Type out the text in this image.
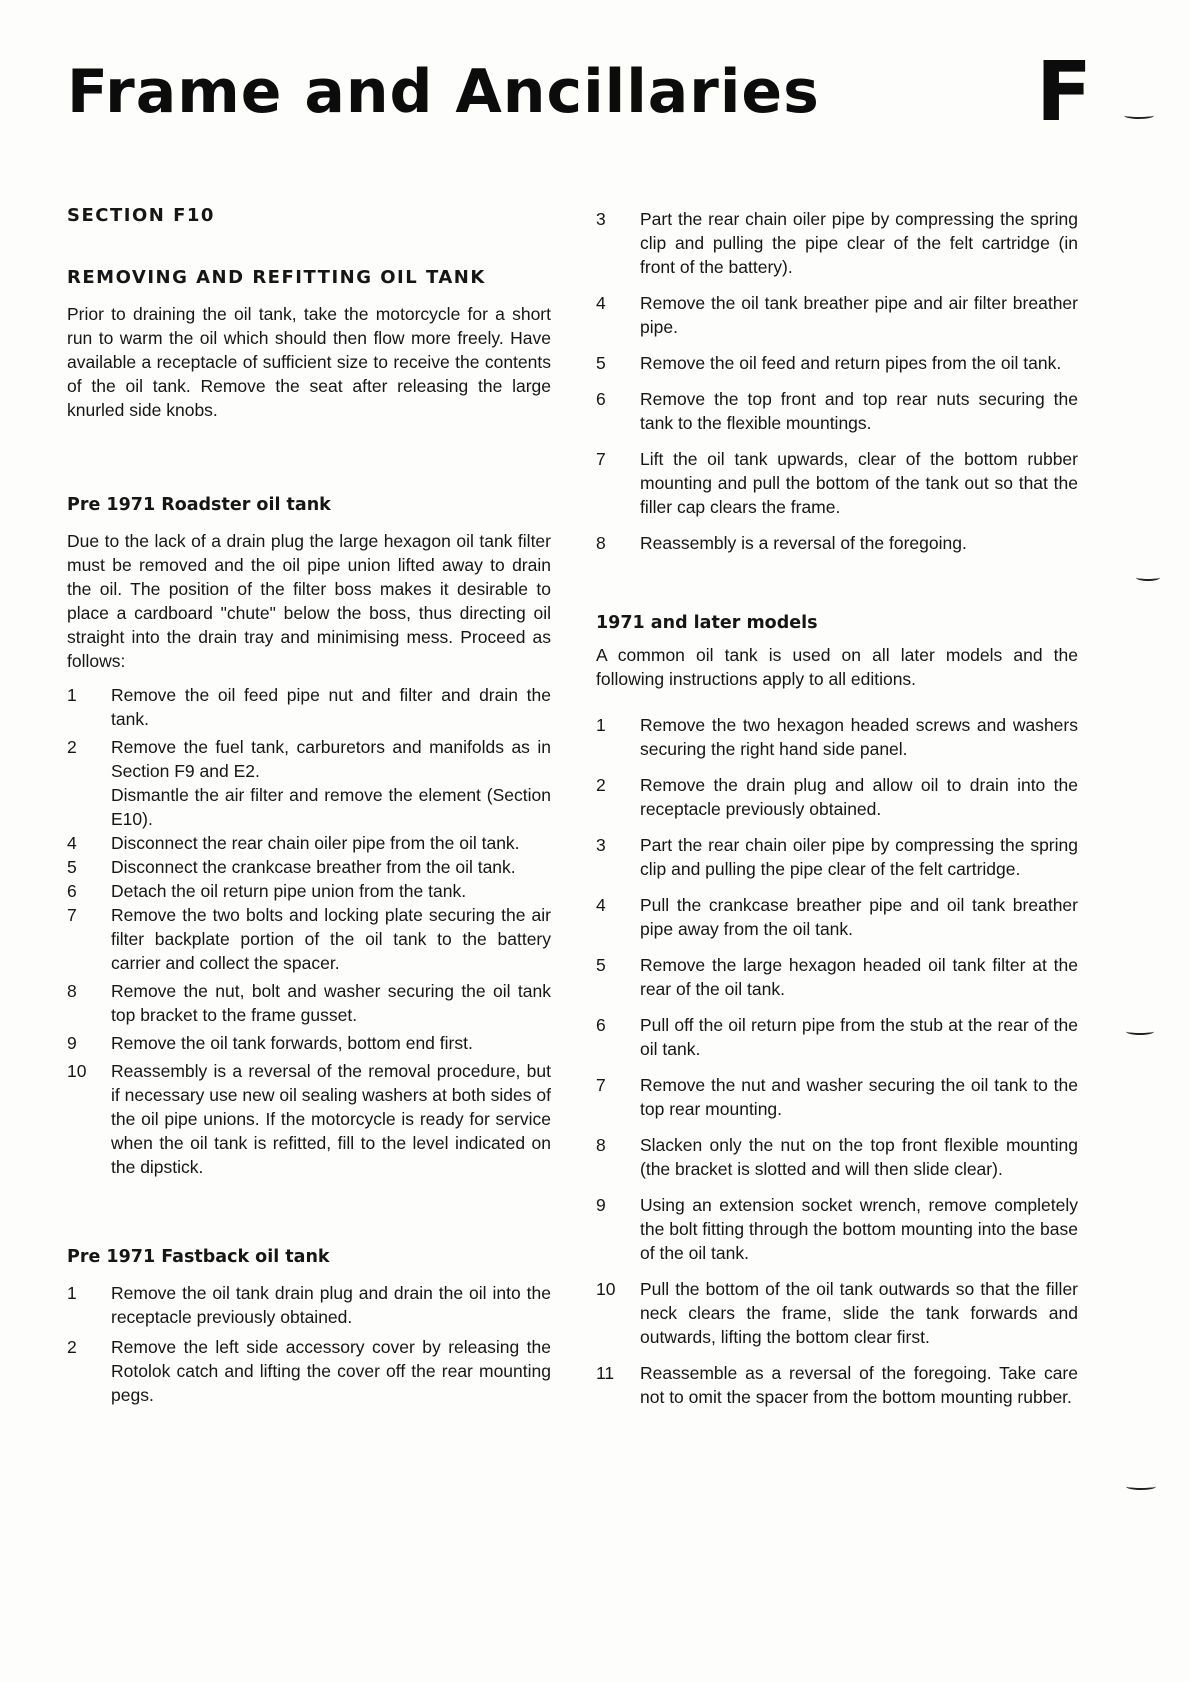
Frame and Ancillaries	F
SECTION F10
REMOVING AND REFITTING OIL TANK

Prior to draining the oil tank, take the motorcycle for a short run to warm the oil which should then flow more freely. Have available a receptacle of sufficient size to receive the contents of the oil tank. Remove the seat after releasing the large knurled side knobs.

Pre 1971 Roadster oil tank

Due to the lack of a drain plug the large hexagon oil tank filter must be removed and the oil pipe union lifted away to drain the oil. The position of the filter boss makes it desirable to place a cardboard "chute" below the boss, thus directing oil straight into the drain tray and minimising mess. Proceed as follows:

1	Remove the oil feed pipe nut and filter and drain the tank.
2	Remove the fuel tank, carburetors and manifolds as in Section F9 and E2.
Dismantle the air filter and remove the element (Section E10).
4	Disconnect the rear chain oiler pipe from the oil tank.
5	Disconnect the crankcase breather from the oil tank.
6	Detach the oil return pipe union from the tank.
7	Remove the two bolts and locking plate securing the air filter backplate portion of the oil tank to the battery carrier and collect the spacer.
8	Remove the nut, bolt and washer securing the oil tank top bracket to the frame gusset.
9	Remove the oil tank forwards, bottom end first.
10	Reassembly is a reversal of the removal procedure, but if necessary use new oil sealing washers at both sides of the oil pipe unions. If the motorcycle is ready for service when the oil tank is refitted, fill to the level indicated on the dipstick.
Pre 1971 Fastback oil tank
1	Remove the oil tank drain plug and drain the oil into the receptacle previously obtained.
2	Remove the left side accessory cover by releasing the Rotolok catch and lifting the cover off the rear mounting pegs.
3	Part the rear chain oiler pipe by compressing the spring clip and pulling the pipe clear of the felt cartridge (in front of the battery).
4	Remove the oil tank breather pipe and air filter breather pipe.
5	Remove the oil feed and return pipes from the oil tank.
6	Remove the top front and top rear nuts securing the tank to the flexible mountings.
7	Lift the oil tank upwards, clear of the bottom rubber mounting and pull the bottom of the tank out so that the filler cap clears the frame.
8	Reassembly is a reversal of the foregoing.
1971 and later models

A common oil tank is used on all later models and the following instructions apply to all editions.

1	Remove the two hexagon headed screws and washers securing the right hand side panel.
2	Remove the drain plug and allow oil to drain into the receptacle previously obtained.
3	Part the rear chain oiler pipe by compressing the spring clip and pulling the pipe clear of the felt cartridge.
4	Pull the crankcase breather pipe and oil tank breather pipe away from the oil tank.
5	Remove the large hexagon headed oil tank filter at the rear of the oil tank.
6	Pull off the oil return pipe from the stub at the rear of the oil tank.
7	Remove the nut and washer securing the oil tank to the top rear mounting.
8	Slacken only the nut on the top front flexible mounting (the bracket is slotted and will then slide clear).
9	Using an extension socket wrench, remove completely the bolt fitting through the bottom mounting into the base of the oil tank.
10	Pull the bottom of the oil tank outwards so that the filler neck clears the frame, slide the tank forwards and outwards, lifting the bottom clear first.
11	Reassemble as a reversal of the foregoing. Take care not to omit the spacer from the bottom mounting rubber.
